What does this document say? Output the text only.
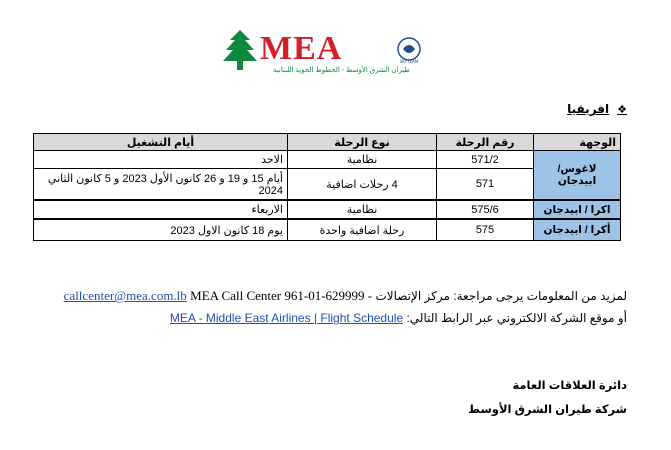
MEA
طيران الشرق الأوسط - الخطوط الجوية اللبنانية
SKYTEAM
❖
افريقيا
الوجهة	رقم الرحلة	نوع الرحلة	أيام التشغيل
لاغوس/ ابيدجان	571/2	نظامية	الاحد
	571	4 رحلات اضافية	أيام 15 و 19 و 26 كانون الأول 2023 و 5 كانون الثاني 2024
اكرا / ابيدجان	575/6	نظامية	الاربعاء
أكرا / ابيدجان	575	رحلة اضافية واحدة	يوم 18 كانون الاول 2023
لمزيد من المعلومات يرجى مراجعة: مركز الإتصالات MEA Call Center 961-01-629999 - callcenter@mea.com.lb
أو موقع الشركة الالكتروني عبر الرابط التالي: MEA - Middle East Airlines | Flight Schedule
دائرة العلاقات العامة
شركة طيران الشرق الأوسط
